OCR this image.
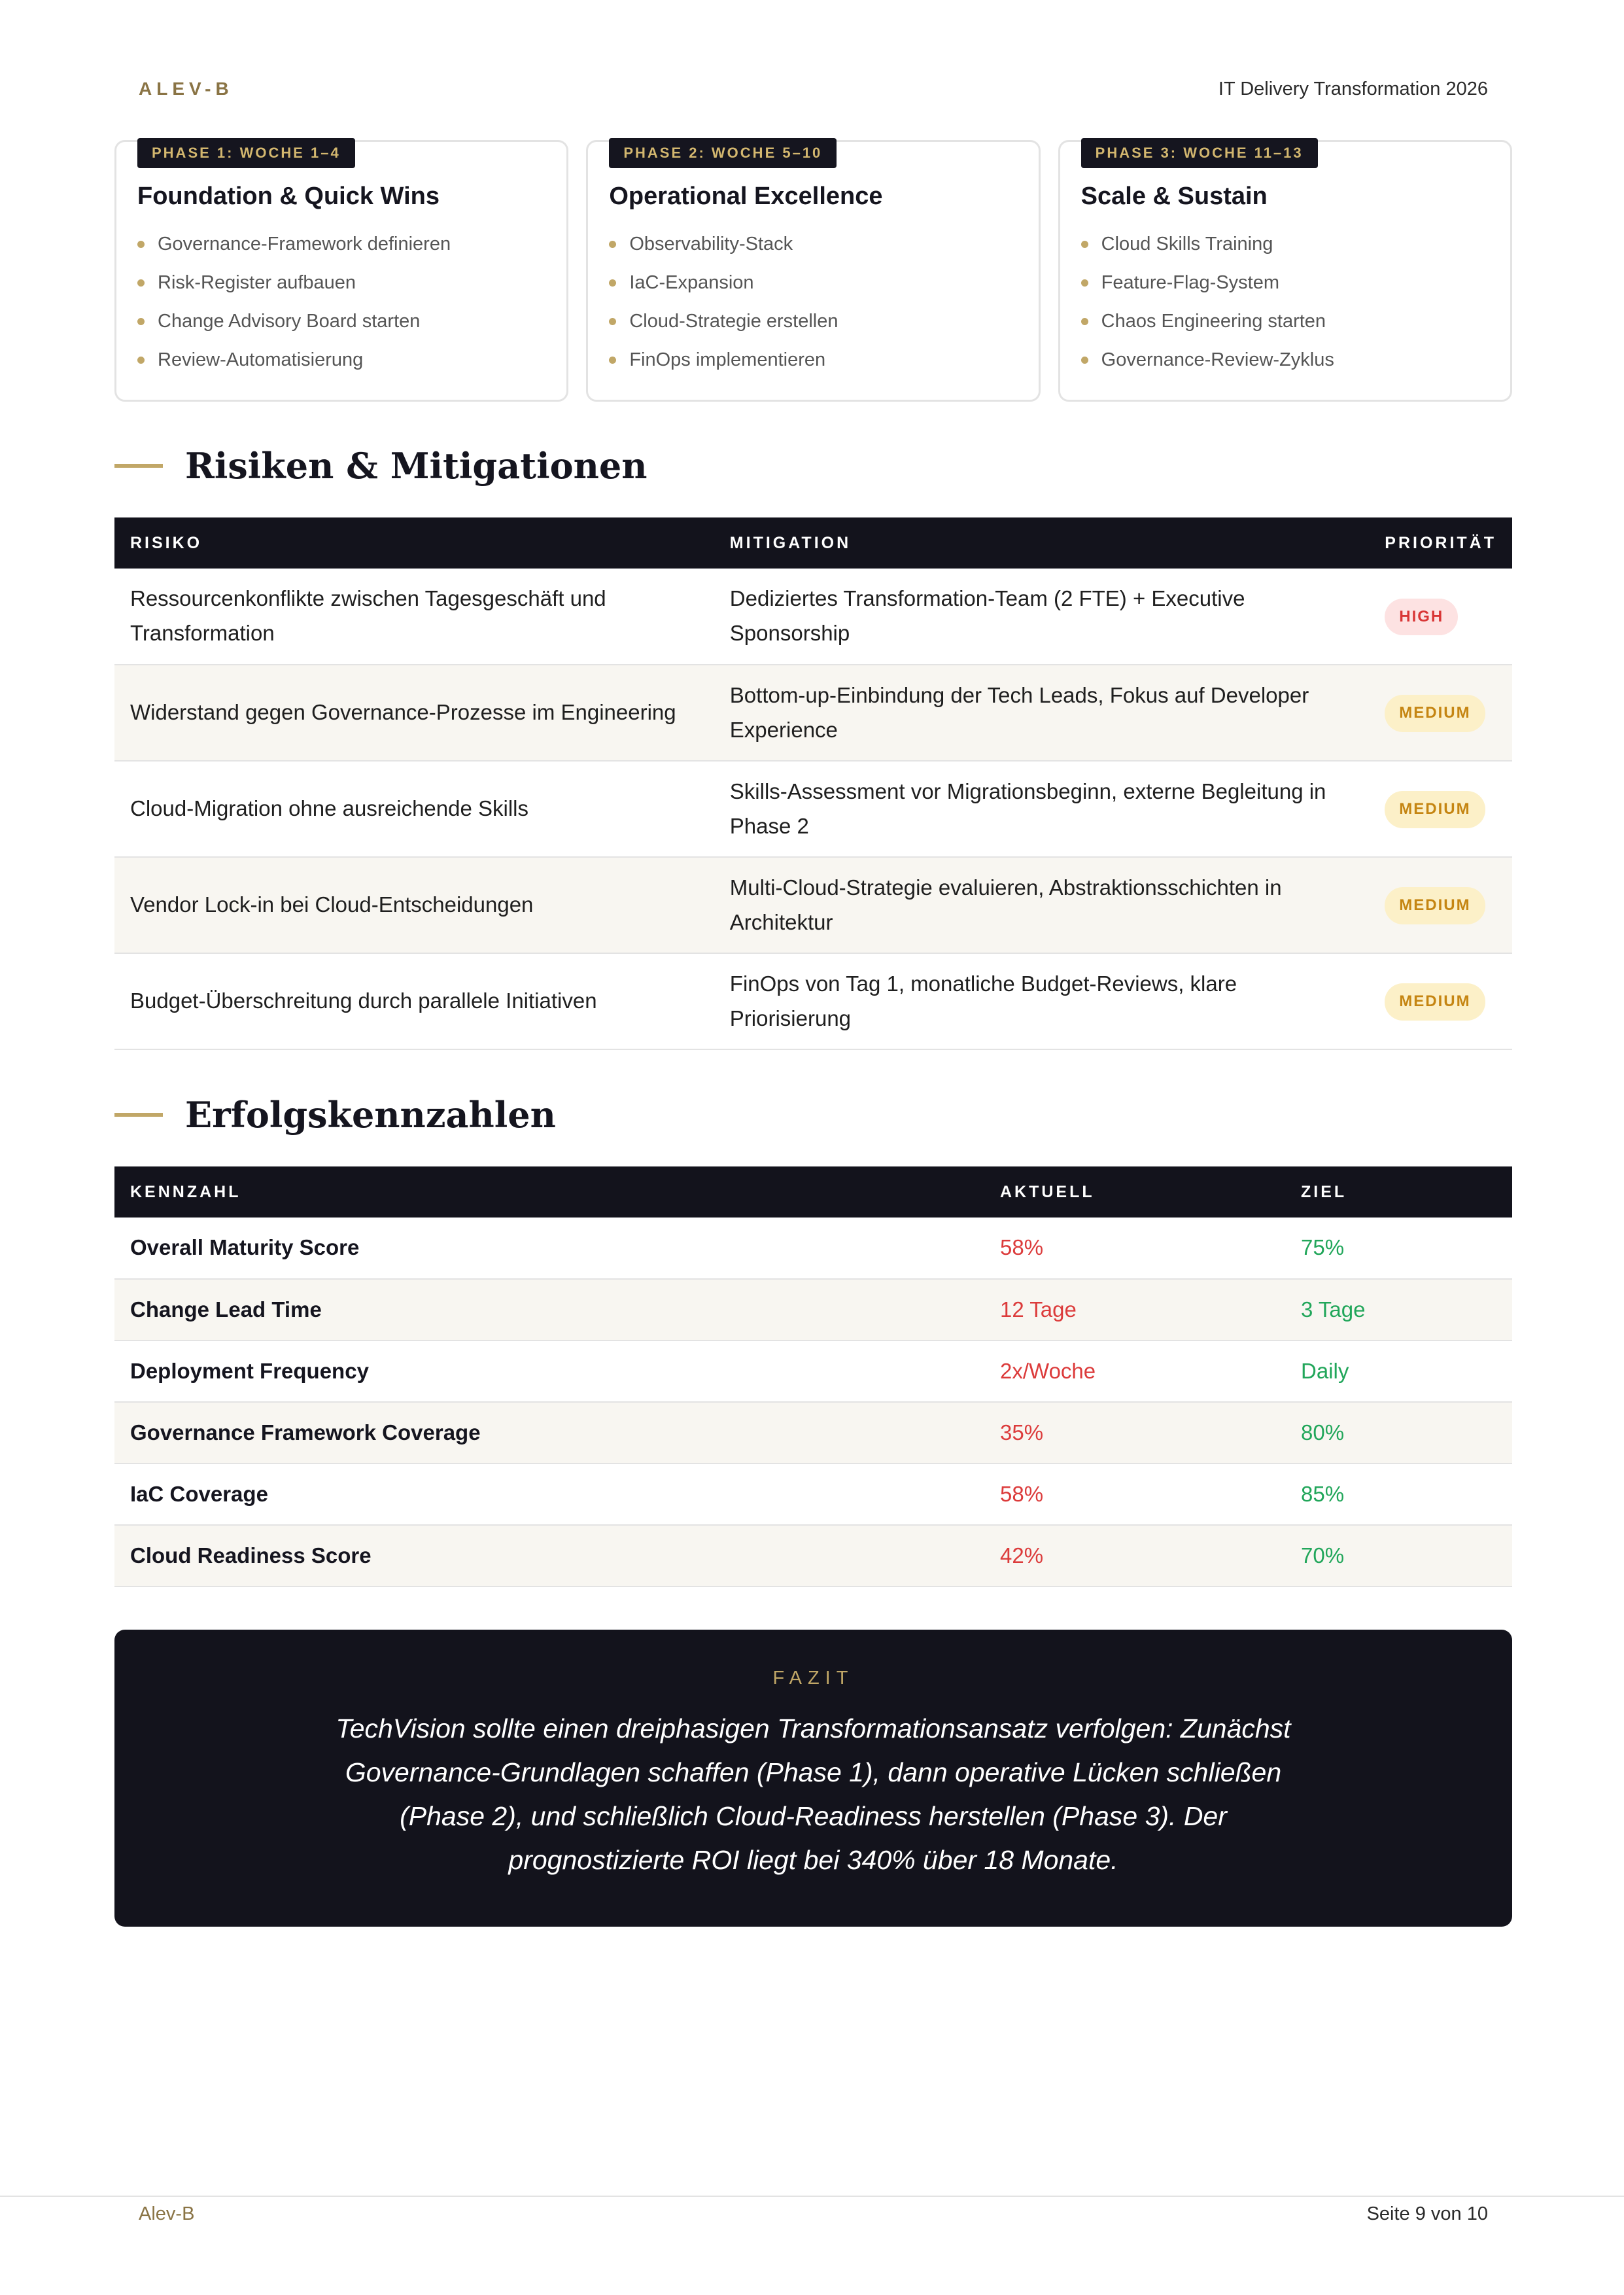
ALEV-B	IT Delivery Transformation 2026
PHASE 1: WOCHE 1–4
Foundation & Quick Wins
Governance-Framework definieren
Risk-Register aufbauen
Change Advisory Board starten
Review-Automatisierung
PHASE 2: WOCHE 5–10
Operational Excellence
Observability-Stack
IaC-Expansion
Cloud-Strategie erstellen
FinOps implementieren
PHASE 3: WOCHE 11–13
Scale & Sustain
Cloud Skills Training
Feature-Flag-System
Chaos Engineering starten
Governance-Review-Zyklus
Risiken & Mitigationen
RISIKO	MITIGATION	PRIORITÄT
Ressourcenkonflikte zwischen Tagesgeschäft und Transformation	Dediziertes Transformation-Team (2 FTE) + Executive Sponsorship	HIGH
Widerstand gegen Governance-Prozesse im Engineering	Bottom-up-Einbindung der Tech Leads, Fokus auf Developer Experience	MEDIUM
Cloud-Migration ohne ausreichende Skills	Skills-Assessment vor Migrationsbeginn, externe Begleitung in Phase 2	MEDIUM
Vendor Lock-in bei Cloud-Entscheidungen	Multi-Cloud-Strategie evaluieren, Abstraktionsschichten in Architektur	MEDIUM
Budget-Überschreitung durch parallele Initiativen	FinOps von Tag 1, monatliche Budget-Reviews, klare Priorisierung	MEDIUM
Erfolgskennzahlen
KENNZAHL	AKTUELL	ZIEL
Overall Maturity Score	58%	75%
Change Lead Time	12 Tage	3 Tage
Deployment Frequency	2x/Woche	Daily
Governance Framework Coverage	35%	80%
IaC Coverage	58%	85%
Cloud Readiness Score	42%	70%
FAZIT
TechVision sollte einen dreiphasigen Transformationsansatz verfolgen: Zunächst Governance-Grundlagen schaffen (Phase 1), dann operative Lücken schließen (Phase 2), und schließlich Cloud-Readiness herstellen (Phase 3). Der prognostizierte ROI liegt bei 340% über 18 Monate.
Alev-B	Seite 9 von 10
